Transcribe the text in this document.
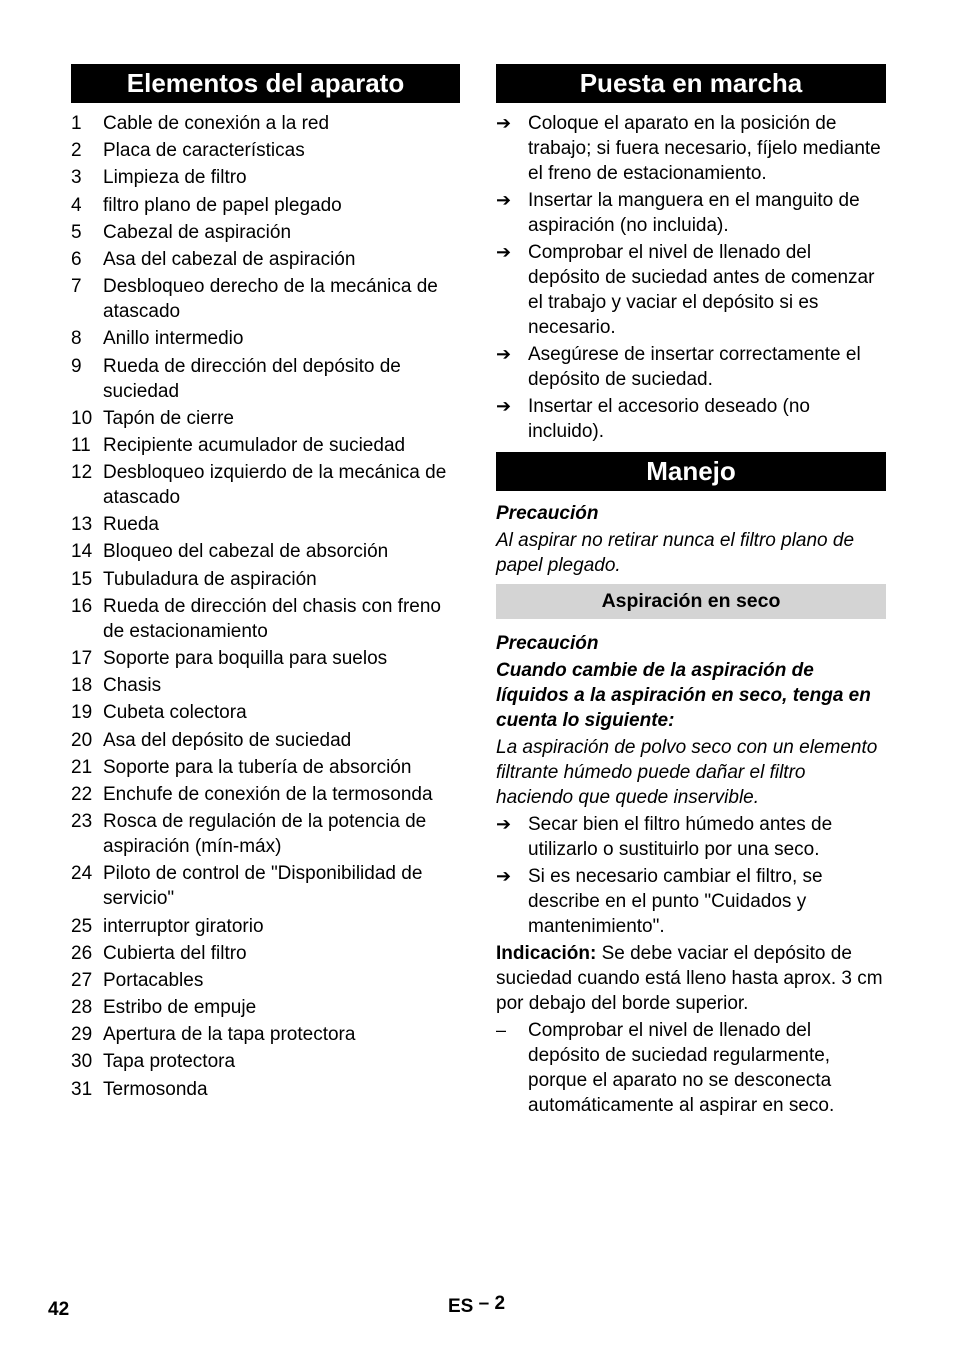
Elementos del aparato
1	Cable de conexión a la red
2	Placa de características
3	Limpieza de filtro
4	filtro plano de papel plegado
5	Cabezal de aspiración
6	Asa del cabezal de aspiración
7	Desbloqueo derecho de la mecánica de atascado
8	Anillo intermedio
9	Rueda de dirección del depósito de suciedad
10 Tapón de cierre
11 Recipiente acumulador de suciedad
12 Desbloqueo izquierdo de la mecánica de atascado
13 Rueda
14 Bloqueo del cabezal de absorción
15 Tubuladura de aspiración
16 Rueda de dirección del chasis con freno de estacionamiento
17 Soporte para boquilla para suelos
18 Chasis
19 Cubeta colectora
20 Asa del depósito de suciedad
21 Soporte para la tubería de absorción
22 Enchufe de conexión de la termosonda
23 Rosca de regulación de la potencia de aspiración (mín-máx)
24 Piloto de control de "Disponibilidad de servicio"
25 interruptor giratorio
26 Cubierta del filtro
27 Portacables
28 Estribo de empuje
29 Apertura de la tapa protectora
30 Tapa protectora
31 Termosonda
Puesta en marcha
➔ Coloque el aparato en la posición de trabajo; si fuera necesario, fíjelo mediante el freno de estacionamiento.
➔ Insertar la manguera en el manguito de aspiración (no incluida).
➔ Comprobar el nivel de llenado del depósito de suciedad antes de comenzar el trabajo y vaciar el depósito si es necesario.
➔ Asegúrese de insertar correctamente el depósito de suciedad.
➔ Insertar el accesorio deseado (no incluido).
Manejo
Precaución
Al aspirar no retirar nunca el filtro plano de papel plegado.
Aspiración en seco
Precaución
Cuando cambie de la aspiración de líquidos a la aspiración en seco, tenga en cuenta lo siguiente:
La aspiración de polvo seco con un elemento filtrante húmedo puede dañar el filtro haciendo que quede inservible.
➔ Secar bien el filtro húmedo antes de utilizarlo o sustituirlo por una seco.
➔ Si es necesario cambiar el filtro, se describe en el punto "Cuidados y mantenimiento".
Indicación: Se debe vaciar el depósito de suciedad cuando está lleno hasta aprox. 3 cm por debajo del borde superior.
–	Comprobar el nivel de llenado del depósito de suciedad regularmente, porque el aparato no se desconecta automáticamente al aspirar en seco.
42	ES – 2
